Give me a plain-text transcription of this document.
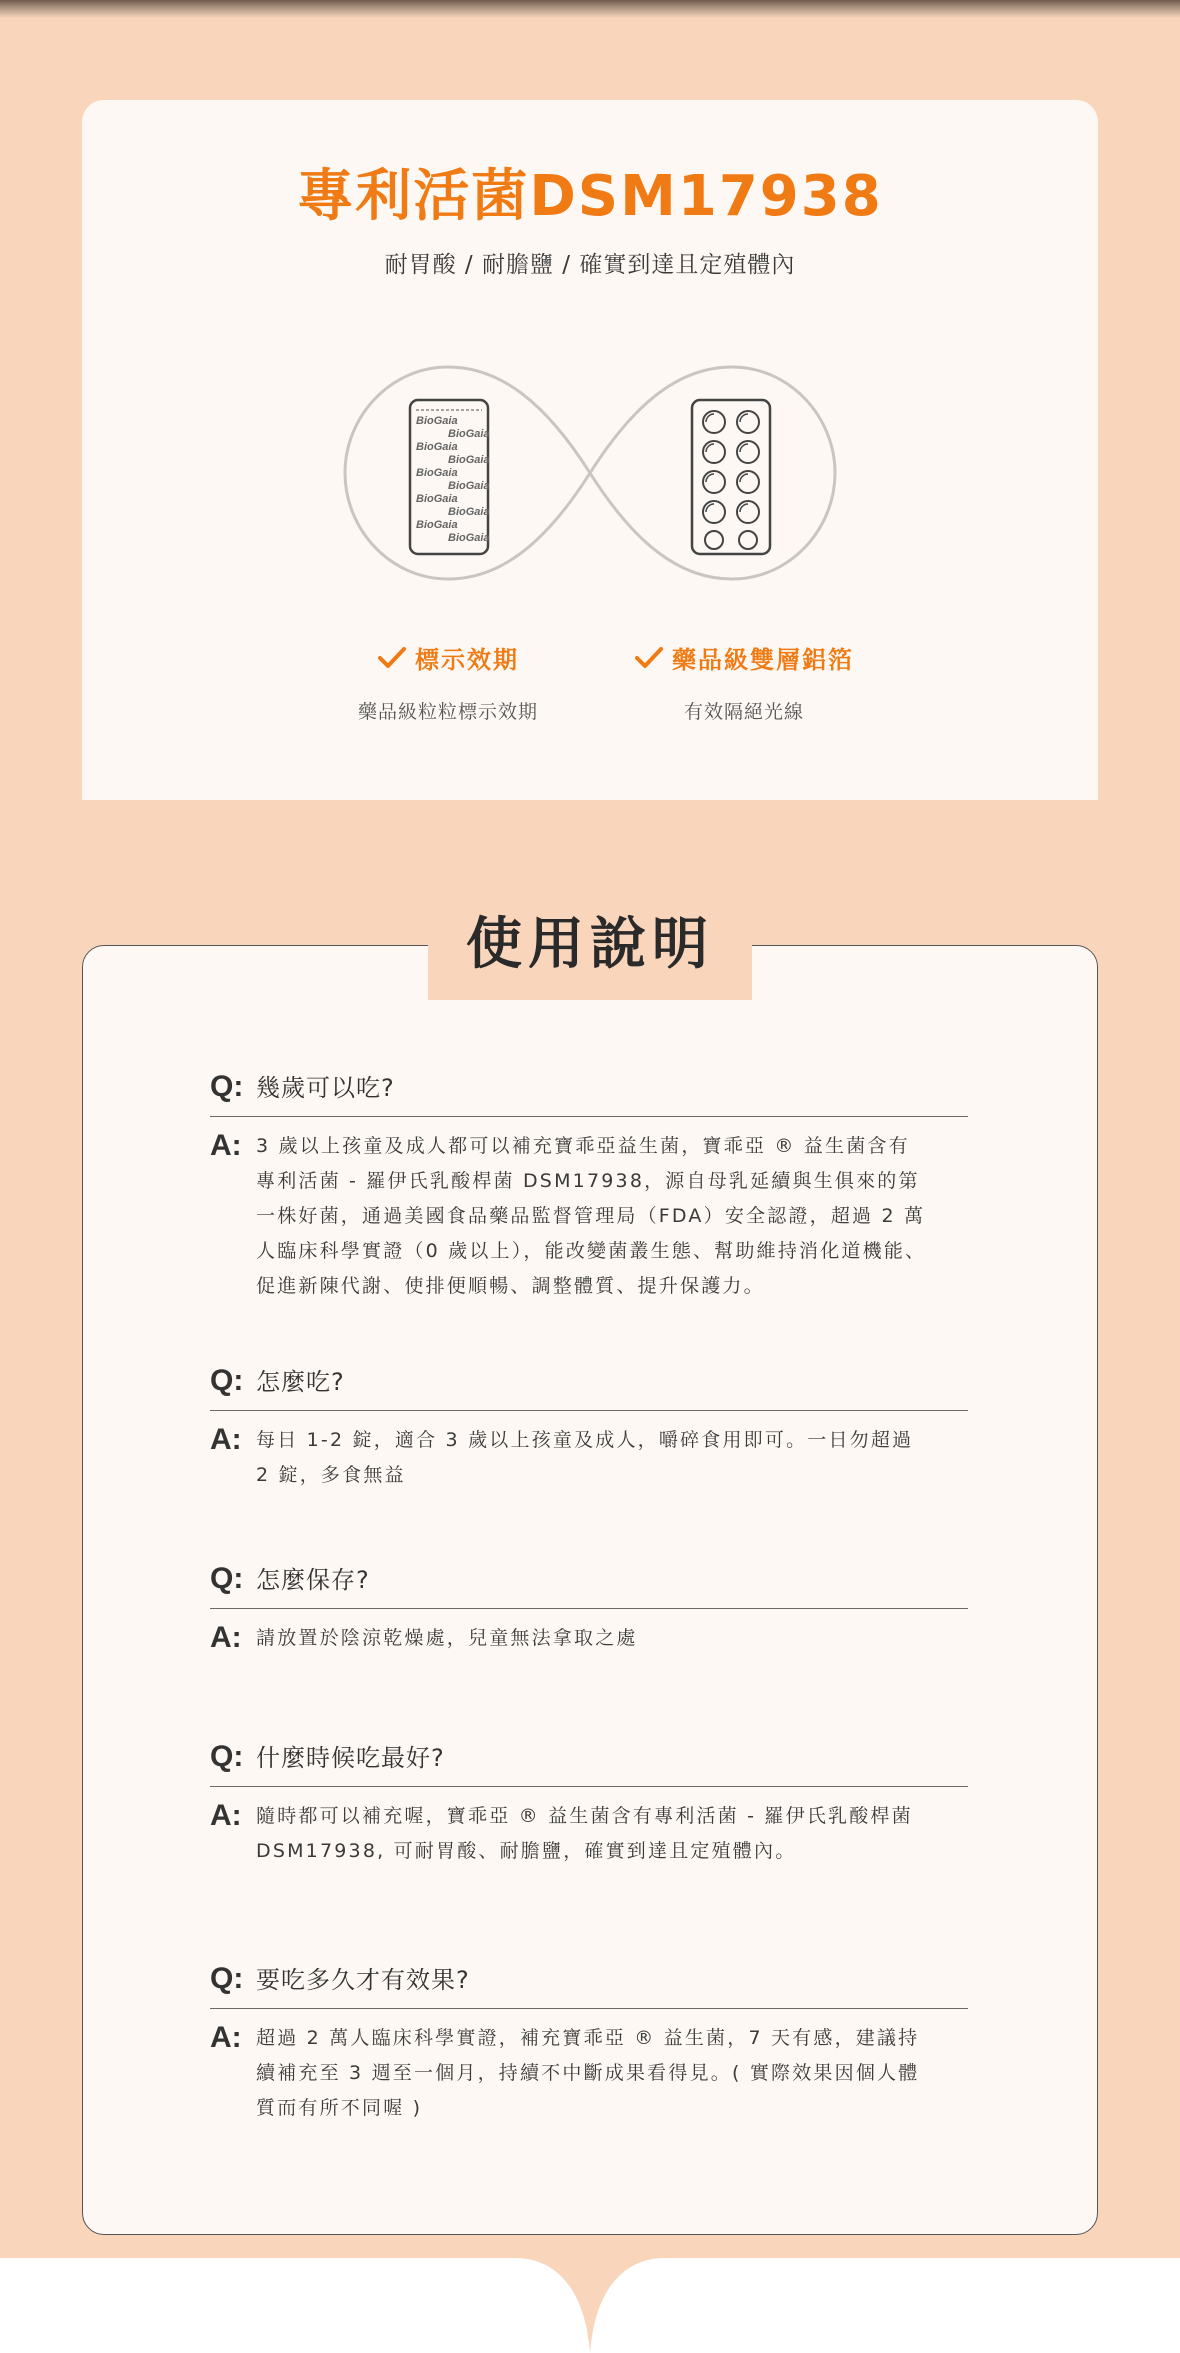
專利活菌DSM17938

耐胃酸 / 耐膽鹽 / 確實到達且定殖體內

BioGaia
BioGaia
BioGaia
BioGaia
BioGaia
BioGaia
BioGaia
BioGaia
BioGaia
BioGaia
標示效期

藥品級粒粒標示效期

藥品級雙層鋁箔

有效隔絕光線

使用說明
Q: 幾歲可以吃?
A: 3 歲以上孩童及成人都可以補充寶乖亞益生菌，寶乖亞 ® 益生菌含有專利活菌 - 羅伊氏乳酸桿菌 DSM17938，源自母乳延續與生俱來的第一株好菌，通過美國食品藥品監督管理局（FDA）安全認證，超過 2 萬人臨床科學實證（0 歲以上），能改變菌叢生態、幫助維持消化道機能、促進新陳代謝、使排便順暢、調整體質、提升保護力。

Q: 怎麼吃?
A: 每日 1-2 錠，適合 3 歲以上孩童及成人，嚼碎食用即可。一日勿超過 2 錠，多食無益

Q: 怎麼保存?
A: 請放置於陰涼乾燥處，兒童無法拿取之處

Q: 什麼時候吃最好?
A: 隨時都可以補充喔，寶乖亞 ® 益生菌含有專利活菌 - 羅伊氏乳酸桿菌 DSM17938, 可耐胃酸、耐膽鹽，確實到達且定殖體內。

Q: 要吃多久才有效果?
A: 超過 2 萬人臨床科學實證，補充寶乖亞 ® 益生菌，7 天有感，建議持續補充至 3 週至一個月，持續不中斷成果看得見。( 實際效果因個人體質而有所不同喔 )
